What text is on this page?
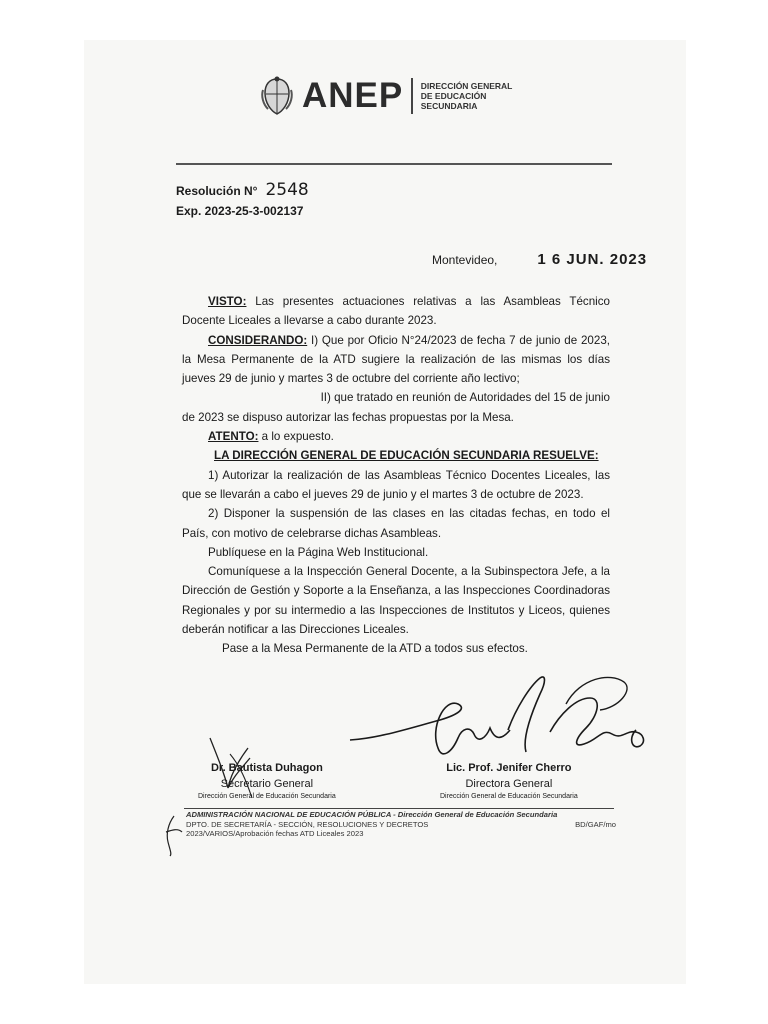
ANEP DIRECCIÓN GENERAL
DE EDUCACIÓN
SECUNDARIA
Resolución N° 2548
Exp. 2023-25-3-002137
Montevideo,	1 6 JUN. 2023

VISTO: Las presentes actuaciones relativas a las Asambleas Técnico Docente Liceales a llevarse a cabo durante 2023.

CONSIDERANDO: I) Que por Oficio N°24/2023 de fecha 7 de junio de 2023, la Mesa Permanente de la ATD sugiere la realización de las mismas los días jueves 29 de junio y martes 3 de octubre del corriente año lectivo;

II) que tratado en reunión de Autoridades del 15 de junio

de 2023 se dispuso autorizar las fechas propuestas por la Mesa.

ATENTO: a lo expuesto.

LA DIRECCIÓN GENERAL DE EDUCACIÓN SECUNDARIA RESUELVE:

1) Autorizar la realización de las Asambleas Técnico Docentes Liceales, las que se llevarán a cabo el jueves 29 de junio y el martes 3 de octubre de 2023.

2) Disponer la suspensión de las clases en las citadas fechas, en todo el País, con motivo de celebrarse dichas Asambleas.

Publíquese en la Página Web Institucional.

Comuníquese a la Inspección General Docente, a la Subinspectora Jefe, a la Dirección de Gestión y Soporte a la Enseñanza, a las Inspecciones Coordinadoras Regionales y por su intermedio a las Inspecciones de Institutos y Liceos, quienes deberán notificar a las Direcciones Liceales.

Pase a la Mesa Permanente de la ATD a todos sus efectos.

Dr. Bautista Duhagon
Secretario General
Dirección General de Educación Secundaria
Lic. Prof. Jenifer Cherro
Directora General
Dirección General de Educación Secundaria
ADMINISTRACIÓN NACIONAL DE EDUCACIÓN PÚBLICA - Dirección General de Educación Secundaria
DPTO. DE SECRETARÍA - SECCIÓN, RESOLUCIONES Y DECRETOS	BD/GAF/mo
2023/VARIOS/Aprobación fechas ATD Liceales 2023
